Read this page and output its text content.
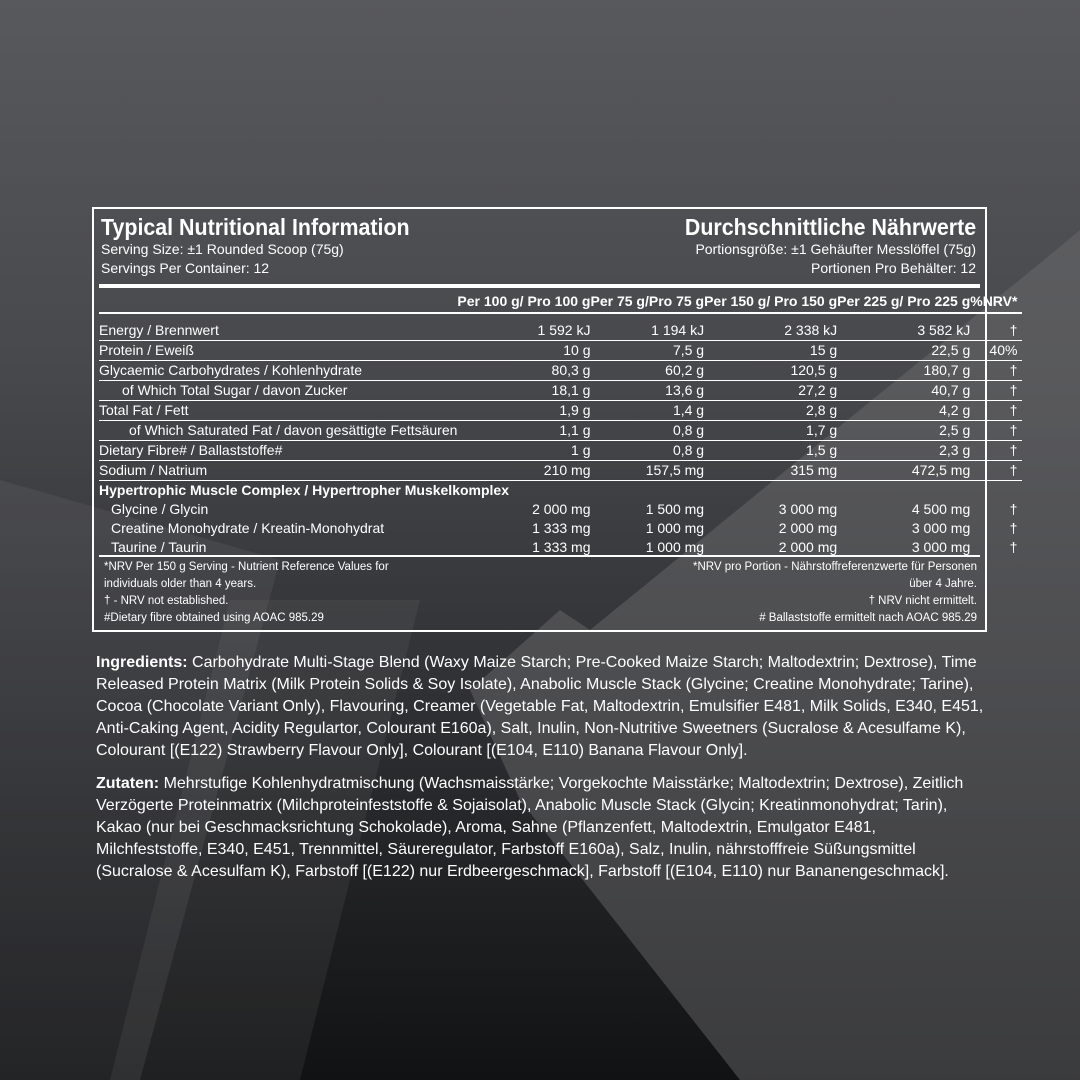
Typical Nutritional Information
Serving Size: ±1 Rounded Scoop (75g)
Servings Per Container: 12
Durchschnittliche Nährwerte
Portionsgröße: ±1 Gehäufter Messlöffel (75g)
Portionen Pro Behälter: 12
	Per 100 g/ Pro 100 g	Per 75 g/Pro 75 g	Per 150 g/ Pro 150 g	Per 225 g/ Pro 225 g	%NRV*
Energy / Brennwert	1 592 kJ	1 194 kJ	2 338 kJ	3 582 kJ	†
Protein / Eweiß	10 g	7,5 g	15 g	22,5 g	40%
Glycaemic Carbohydrates / Kohlenhydrate	80,3 g	60,2 g	120,5 g	180,7 g	†
of Which Total Sugar / davon Zucker	18,1 g	13,6 g	27,2 g	40,7 g	†
Total Fat / Fett	1,9 g	1,4 g	2,8 g	4,2 g	†
of Which Saturated Fat / davon gesättigte Fettsäuren	1,1 g	0,8 g	1,7 g	2,5 g	†
Dietary Fibre# / Ballaststoffe#	1 g	0,8 g	1,5 g	2,3 g	†
Sodium / Natrium	210 mg	157,5 mg	315 mg	472,5 mg	†
Hypertrophic Muscle Complex / Hypertropher Muskelkomplex					
Glycine / Glycin	2 000 mg	1 500 mg	3 000 mg	4 500 mg	†
Creatine Monohydrate / Kreatin-Monohydrat	1 333 mg	1 000 mg	2 000 mg	3 000 mg	†
Taurine / Taurin	1 333 mg	1 000 mg	2 000 mg	3 000 mg	†
*NRV Per 150 g Serving - Nutrient Reference Values for
individuals older than 4 years.
† - NRV not established.
#Dietary fibre obtained using AOAC 985.29
*NRV pro Portion - Nährstoffreferenzwerte für Personen
über 4 Jahre.
† NRV nicht ermittelt.
# Ballaststoffe ermittelt nach AOAC 985.29

Ingredients: Carbohydrate Multi-Stage Blend (Waxy Maize Starch; Pre-Cooked Maize Starch; Maltodextrin; Dextrose), Time Released Protein Matrix (Milk Protein Solids & Soy Isolate), Anabolic Muscle Stack (Glycine; Creatine Monohydrate; Tarine), Cocoa (Chocolate Variant Only), Flavouring, Creamer (Vegetable Fat, Maltodextrin, Emulsifier E481, Milk Solids, E340, E451, Anti-Caking Agent, Acidity Regulartor, Colourant E160a), Salt, Inulin, Non-Nutritive Sweetners (Sucralose & Acesulfame K), Colourant [(E122) Strawberry Flavour Only], Colourant [(E104, E110) Banana Flavour Only].

Zutaten: Mehrstufige Kohlenhydratmischung (Wachsmaisstärke; Vorgekochte Maisstärke; Maltodextrin; Dextrose), Zeitlich Verzögerte Proteinmatrix (Milchproteinfeststoffe & Sojaisolat), Anabolic Muscle Stack (Glycin; Kreatinmonohydrat; Tarin), Kakao (nur bei Geschmacksrichtung Schokolade), Aroma, Sahne (Pflanzenfett, Maltodextrin, Emulgator E481, Milchfeststoffe, E340, E451, Trennmittel, Säureregulator, Farbstoff E160a), Salz, Inulin, nährstofffreie Süßungsmittel (Sucralose & Acesulfam K), Farbstoff [(E122) nur Erdbeergeschmack], Farbstoff [(E104, E110) nur Bananengeschmack].
